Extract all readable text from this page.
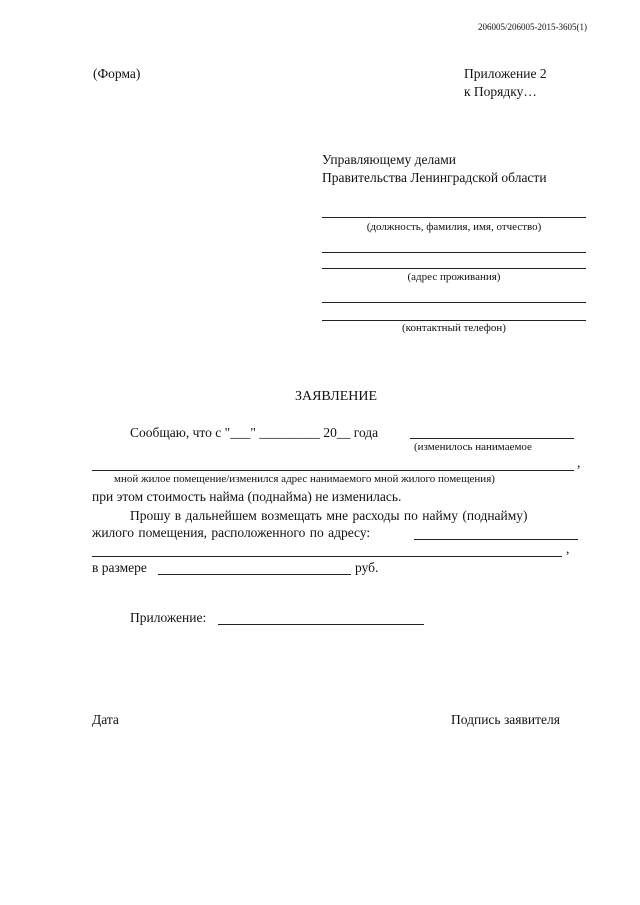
206005/206005-2015-3605(1)
(Форма)	Приложение 2
к Порядку…
Управляющему делами
Правительства Ленинградской области
(должность, фамилия, имя, отчество)
(адрес проживания)
(контактный телефон)
ЗАЯВЛЕНИЕ
Сообщаю, что с "___" _________ 20__ года
(изменилось нанимаемое
,
мной жилое помещение/изменился адрес нанимаемого мной жилого помещения)
при этом стоимость найма (поднайма) не изменилась.
Прошу в дальнейшем возмещать мне расходы по найму (поднайму)
жилого помещения, расположенного по адресу:
,
в размере	руб.
Приложение:
Дата	Подпись заявителя
